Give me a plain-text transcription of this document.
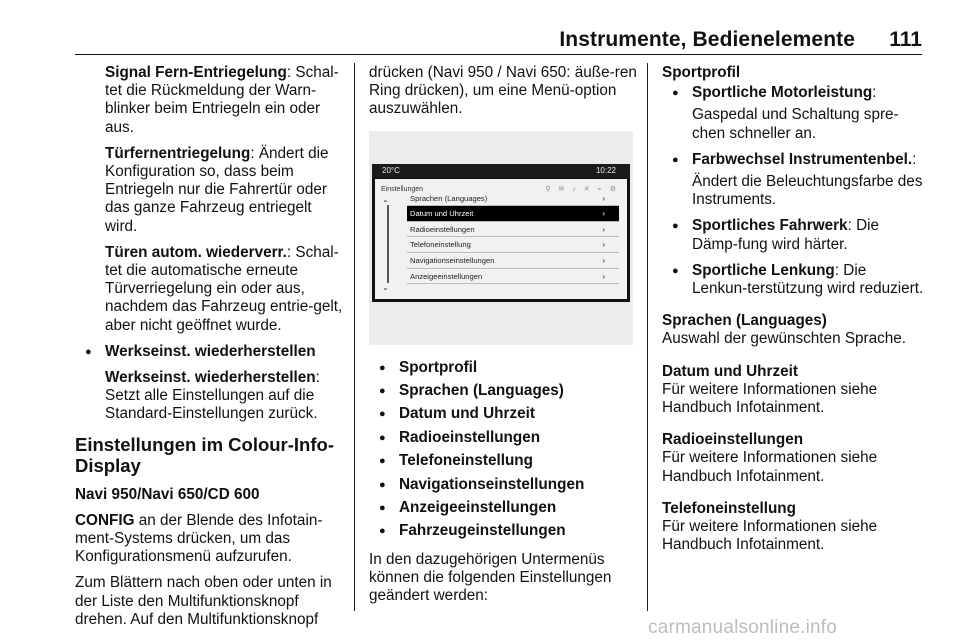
Instrumente, Bedienelemente 111

Signal Fern-Entriegelung: Schal-tet die Rückmeldung der Warn-blinker beim Entriegeln ein oder aus.

Türfernentriegelung: Ändert die Konfiguration so, dass beim Entriegeln nur die Fahrertür oder das ganze Fahrzeug entriegelt wird.

Türen autom. wiederverr.: Schal-tet die automatische erneute Türverriegelung ein oder aus, nachdem das Fahrzeug entrie-gelt, aber nicht geöffnet wurde.

● Werkseinst. wiederherstellen

Werkseinst. wiederherstellen: Setzt alle Einstellungen auf die Standard-Einstellungen zurück.

Einstellungen im Colour-Info-Display

Navi 950/Navi 650/CD 600

CONFIG an der Blende des Infotain-ment-Systems drücken, um das Konfigurationsmenü aufzurufen.

Zum Blättern nach oben oder unten in der Liste den Multifunktionsknopf drehen. Auf den Multifunktionsknopf

drücken (Navi 950 / Navi 650: äuße-ren Ring drücken), um eine Menü-option auszuwählen.

20°C	10:22
Einstellungen	⚲ ✉ ♪ ✕ ⌁ ⚙
⌃
⌄
Sprachen (Languages)	›
Datum und Uhrzeit	›
Radioeinstellungen	›
Telefoneinstellung	›
Navigationseinstellungen	›
Anzeigeeinstellungen	›
● Sportprofil
● Sprachen (Languages)
● Datum und Uhrzeit
● Radioeinstellungen
● Telefoneinstellung
● Navigationseinstellungen
● Anzeigeeinstellungen
● Fahrzeugeinstellungen

In den dazugehörigen Untermenüs können die folgenden Einstellungen geändert werden:

Sportprofil

● Sportliche Motorleistung:

Gaspedal und Schaltung spre-chen schneller an.

● Farbwechsel Instrumentenbel.:

Ändert die Beleuchtungsfarbe des Instruments.

● Sportliches Fahrwerk: Die Dämp-fung wird härter.
● Sportliche Lenkung: Die Lenkun-terstützung wird reduziert.
Sprachen (Languages)
Auswahl der gewünschten Sprache.
Datum und Uhrzeit
Für weitere Informationen siehe Handbuch Infotainment.
Radioeinstellungen
Für weitere Informationen siehe Handbuch Infotainment.
Telefoneinstellung
Für weitere Informationen siehe Handbuch Infotainment.
carmanualsonline.info
